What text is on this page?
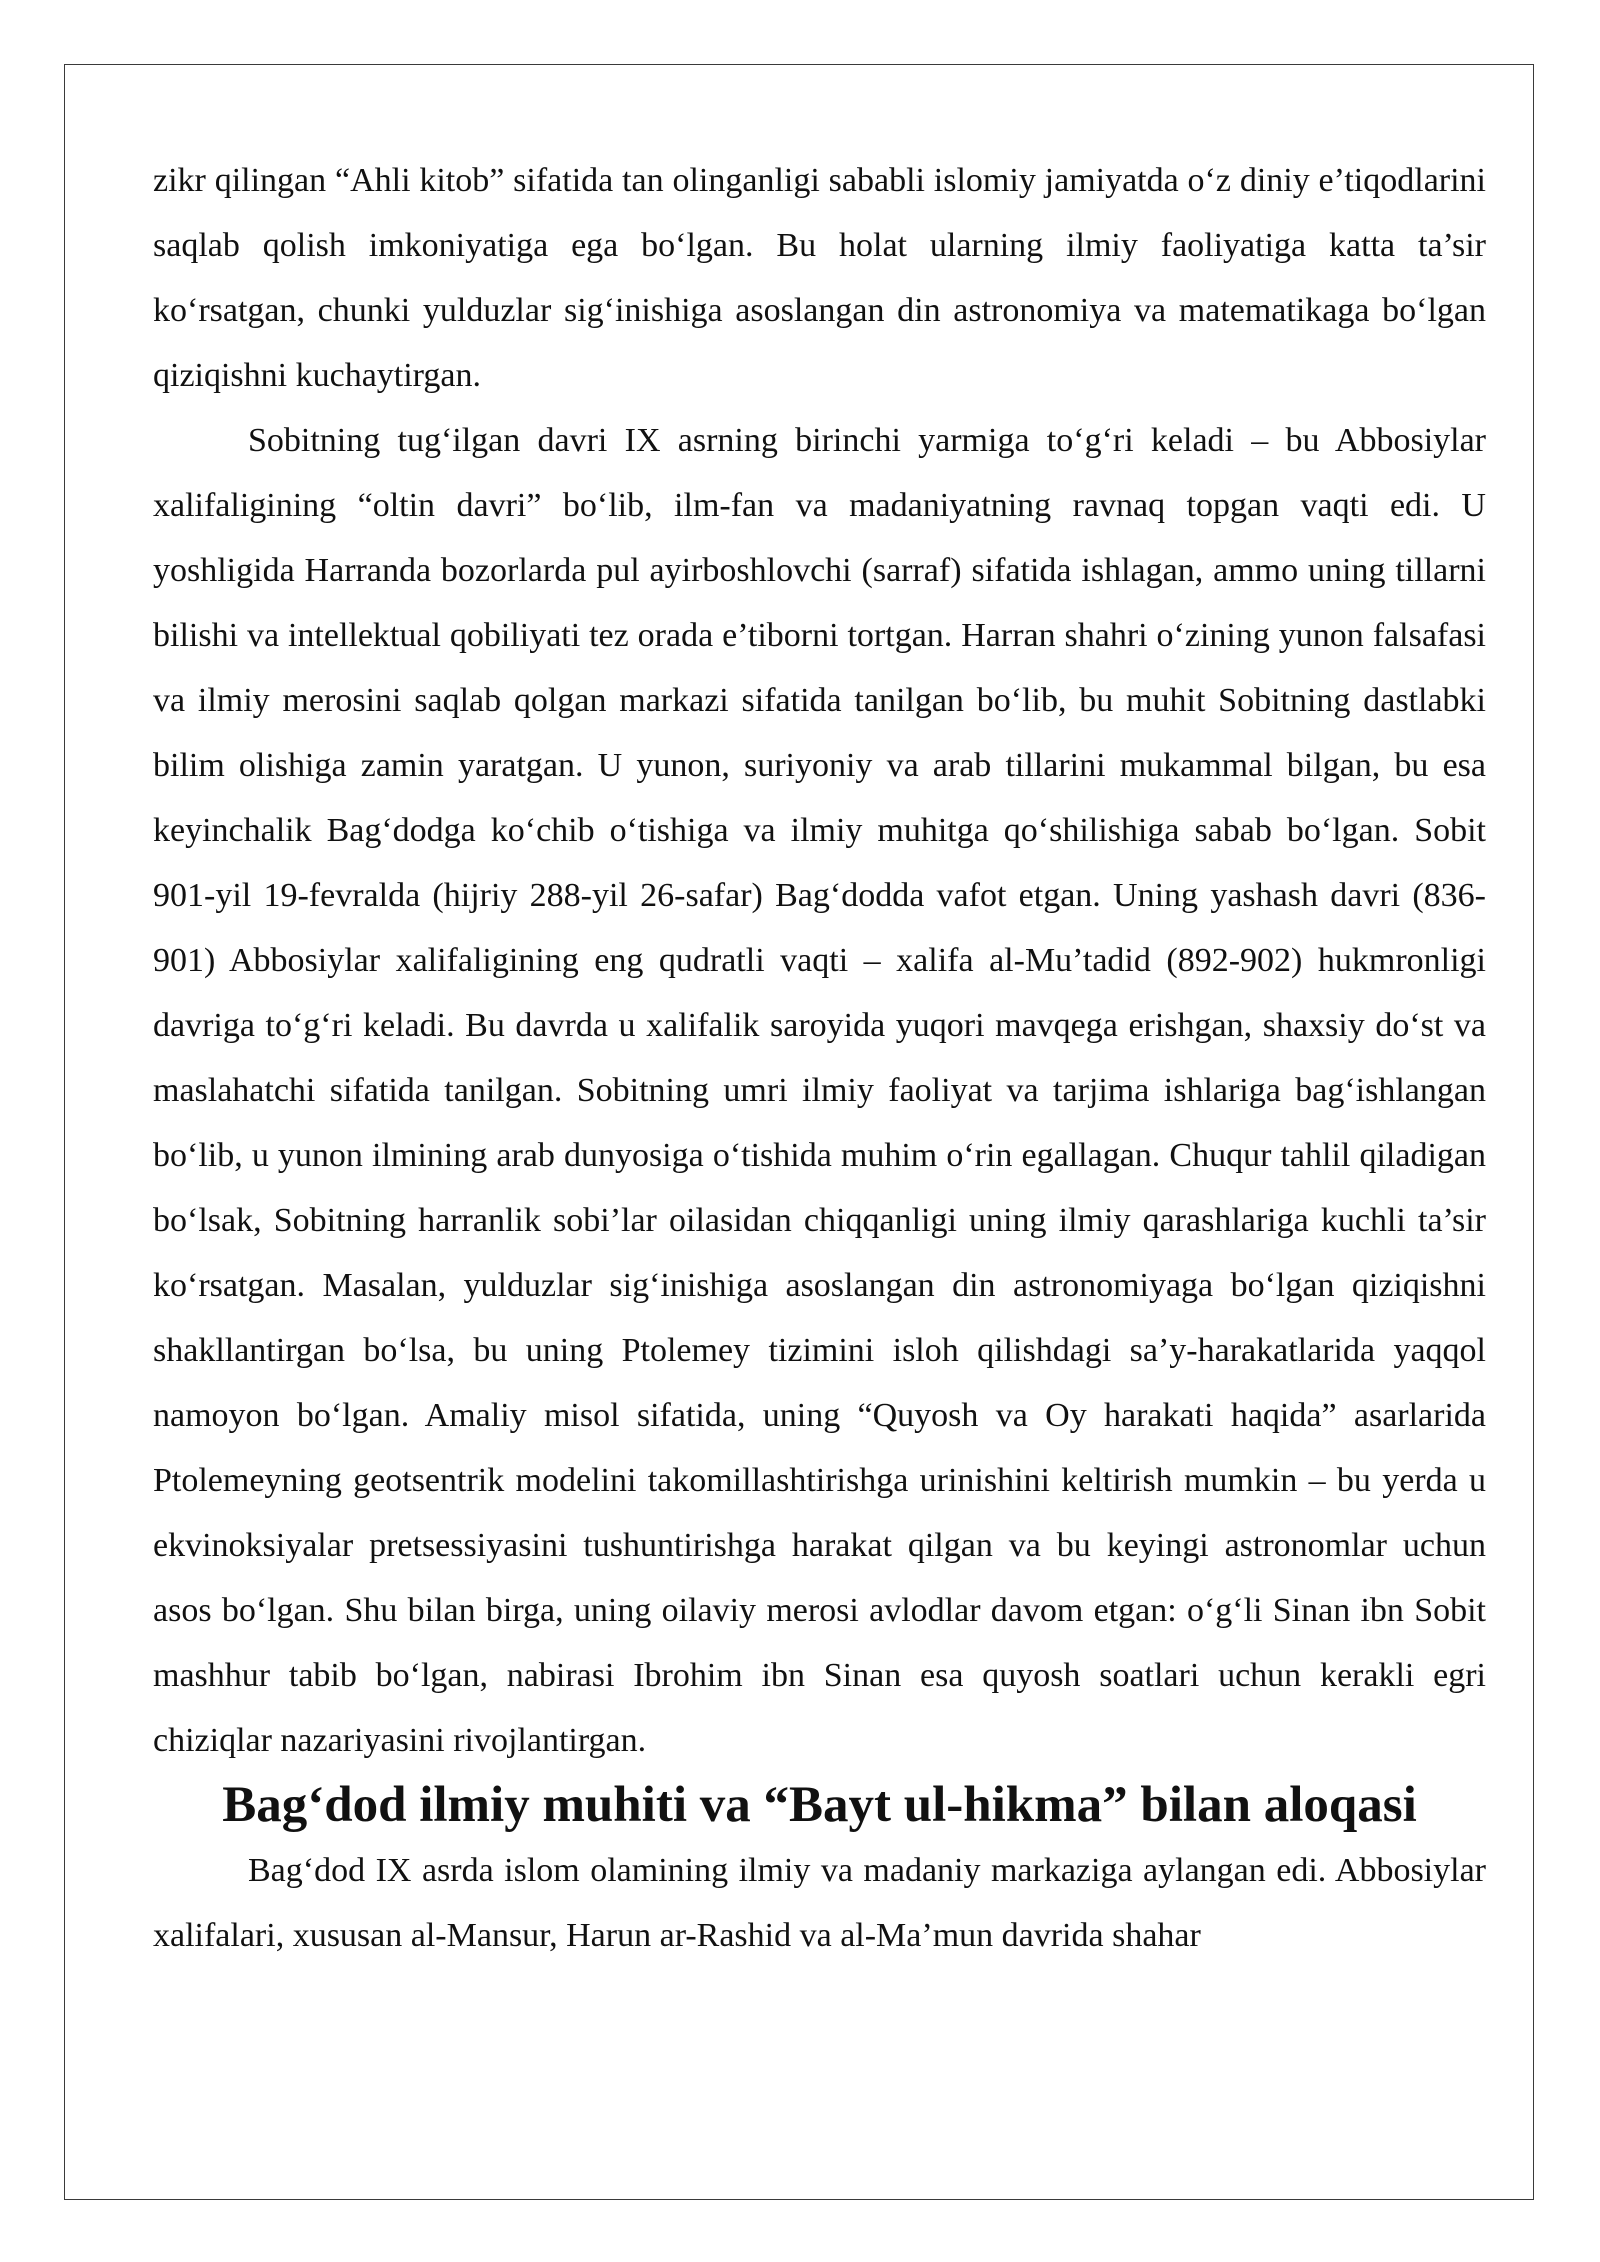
zikr qilingan “Ahli kitob” sifatida tan olinganligi sababli islomiy jamiyatda o‘z diniy e’tiqodlarini saqlab qolish imkoniyatiga ega bo‘lgan. Bu holat ularning ilmiy faoliyatiga katta ta’sir ko‘rsatgan, chunki yulduzlar sig‘inishiga asoslangan din astronomiya va matematikaga bo‘lgan qiziqishni kuchaytirgan.

Sobitning tug‘ilgan davri IX asrning birinchi yarmiga to‘g‘ri keladi – bu Abbosiylar xalifaligining “oltin davri” bo‘lib, ilm-fan va madaniyatning ravnaq topgan vaqti edi. U yoshligida Harranda bozorlarda pul ayirboshlovchi (sarraf) sifatida ishlagan, ammo uning tillarni bilishi va intellektual qobiliyati tez orada e’tiborni tortgan. Harran shahri o‘zining yunon falsafasi va ilmiy merosini saqlab qolgan markazi sifatida tanilgan bo‘lib, bu muhit Sobitning dastlabki bilim olishiga zamin yaratgan. U yunon, suriyoniy va arab tillarini mukammal bilgan, bu esa keyinchalik Bag‘dodga ko‘chib o‘tishiga va ilmiy muhitga qo‘shilishiga sabab bo‘lgan. Sobit 901-yil 19-fevralda (hijriy 288-yil 26-safar) Bag‘dodda vafot etgan. Uning yashash davri (836-901) Abbosiylar xalifaligining eng qudratli vaqti – xalifa al-Mu’tadid (892-902) hukmronligi davriga to‘g‘ri keladi. Bu davrda u xalifalik saroyida yuqori mavqega erishgan, shaxsiy do‘st va maslahatchi sifatida tanilgan. Sobitning umri ilmiy faoliyat va tarjima ishlariga bag‘ishlangan bo‘lib, u yunon ilmining arab dunyosiga o‘tishida muhim o‘rin egallagan. Chuqur tahlil qiladigan bo‘lsak, Sobitning harranlik sobi’lar oilasidan chiqqanligi uning ilmiy qarashlariga kuchli ta’sir ko‘rsatgan. Masalan, yulduzlar sig‘inishiga asoslangan din astronomiyaga bo‘lgan qiziqishni shakllantirgan bo‘lsa, bu uning Ptolemey tizimini isloh qilishdagi sa’y-harakatlarida yaqqol namoyon bo‘lgan. Amaliy misol sifatida, uning “Quyosh va Oy harakati haqida” asarlarida Ptolemeyning geotsentrik modelini takomillashtirishga urinishini keltirish mumkin – bu yerda u ekvinoksiyalar pretsessiyasini tushuntirishga harakat qilgan va bu keyingi astronomlar uchun asos bo‘lgan. Shu bilan birga, uning oilaviy merosi avlodlar davom etgan: o‘g‘li Sinan ibn Sobit mashhur tabib bo‘lgan, nabirasi Ibrohim ibn Sinan esa quyosh soatlari uchun kerakli egri chiziqlar nazariyasini rivojlantirgan.

Bag‘dod ilmiy muhiti va “Bayt ul-hikma” bilan aloqasi

Bag‘dod IX asrda islom olamining ilmiy va madaniy markaziga aylangan edi. Abbosiylar xalifalari, xususan al-Mansur, Harun ar-Rashid va al-Ma’mun davrida shahar
